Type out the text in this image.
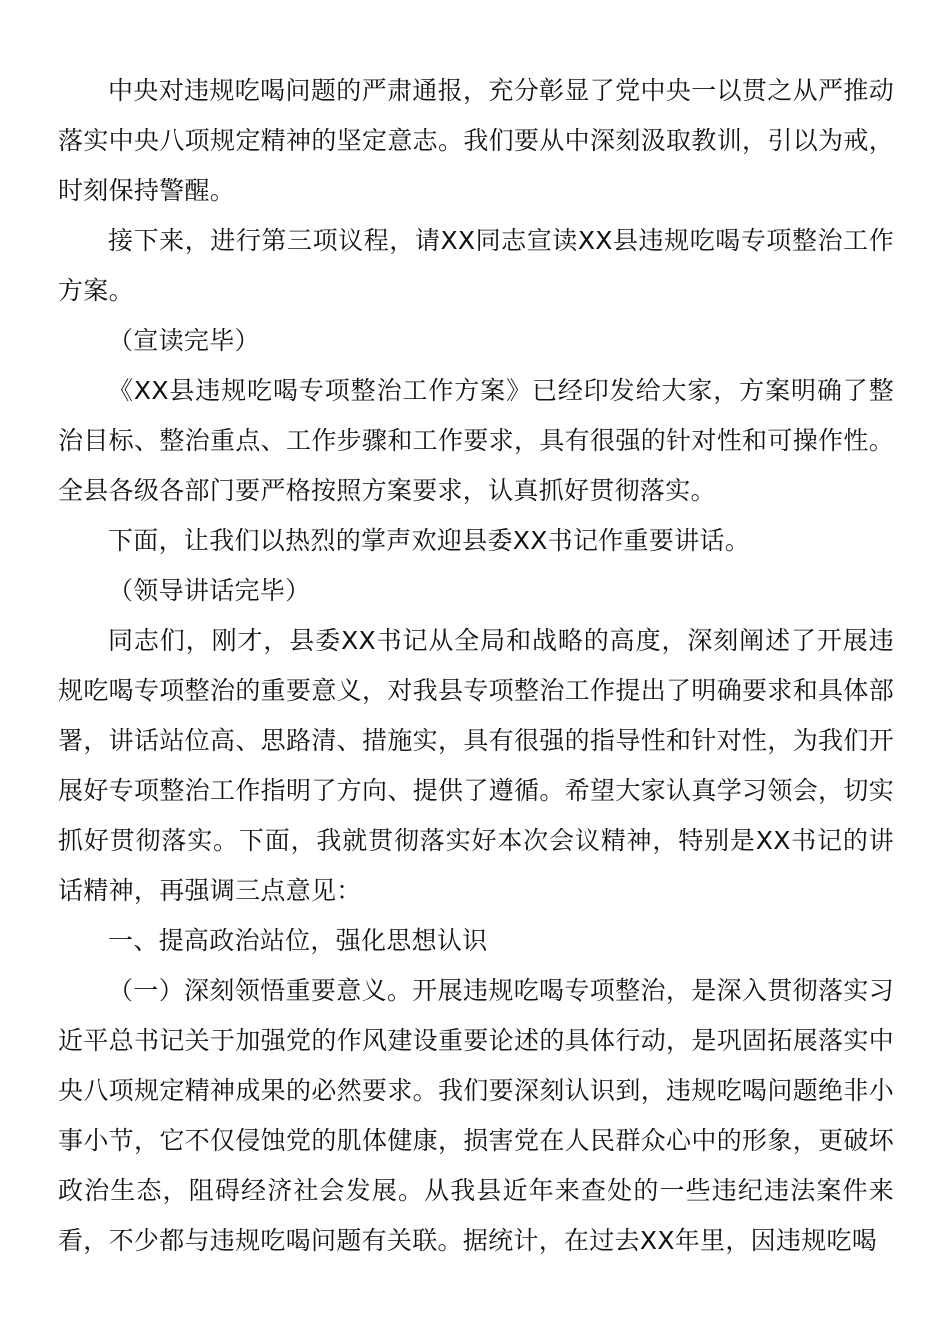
中央对违规吃喝问题的严肃通报，充分彰显了党中央一以贯之从严推动落实中央八项规定精神的坚定意志。我们要从中深刻汲取教训，引以为戒，时刻保持警醒。

接下来，进行第三项议程，请XX同志宣读XX县违规吃喝专项整治工作方案。

（宣读完毕）

《XX县违规吃喝专项整治工作方案》已经印发给大家，方案明确了整治目标、整治重点、工作步骤和工作要求，具有很强的针对性和可操作性。全县各级各部门要严格按照方案要求，认真抓好贯彻落实。

下面，让我们以热烈的掌声欢迎县委XX书记作重要讲话。

（领导讲话完毕）

同志们，刚才，县委XX书记从全局和战略的高度，深刻阐述了开展违规吃喝专项整治的重要意义，对我县专项整治工作提出了明确要求和具体部署，讲话站位高、思路清、措施实，具有很强的指导性和针对性，为我们开展好专项整治工作指明了方向、提供了遵循。希望大家认真学习领会，切实抓好贯彻落实。下面，我就贯彻落实好本次会议精神，特别是XX书记的讲话精神，再强调三点意见：

一、提高政治站位，强化思想认识

（一）深刻领悟重要意义。开展违规吃喝专项整治，是深入贯彻落实习近平总书记关于加强党的作风建设重要论述的具体行动，是巩固拓展落实中央八项规定精神成果的必然要求。我们要深刻认识到，违规吃喝问题绝非小事小节，它不仅侵蚀党的肌体健康，损害党在人民群众心中的形象，更破坏政治生态，阻碍经济社会发展。从我县近年来查处的一些违纪违法案件来看，不少都与违规吃喝问题有关联。据统计，在过去XX年里，因违规吃喝
